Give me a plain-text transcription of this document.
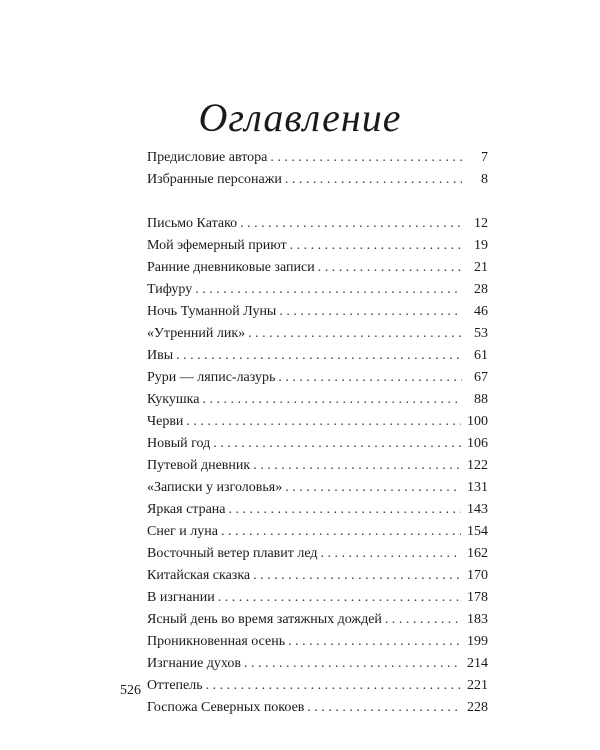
Оглавление
Предисловие автора . . .	7
Избранные персонажи . . .	8
Письмо Катако . . .	12
Мой эфемерный приют . . .	19
Ранние дневниковые записи . . .	21
Тифуру . . .	28
Ночь Туманной Луны . . .	46
«Утренний лик» . . .	53
Ивы . . .	61
Рури — ляпис-лазурь . . .	67
Кукушка . . .	88
Черви . . .	100
Новый год . . .	106
Путевой дневник . . .	122
«Записки у изголовья» . . .	131
Яркая страна . . .	143
Снег и луна . . .	154
Восточный ветер плавит лед . . .	162
Китайская сказка . . .	170
В изгнании . . .	178
Ясный день во время затяжных дождей . . .	183
Проникновенная осень . . .	199
Изгнание духов . . .	214
Оттепель . . .	221
Госпожа Северных покоев . . .	228
526
